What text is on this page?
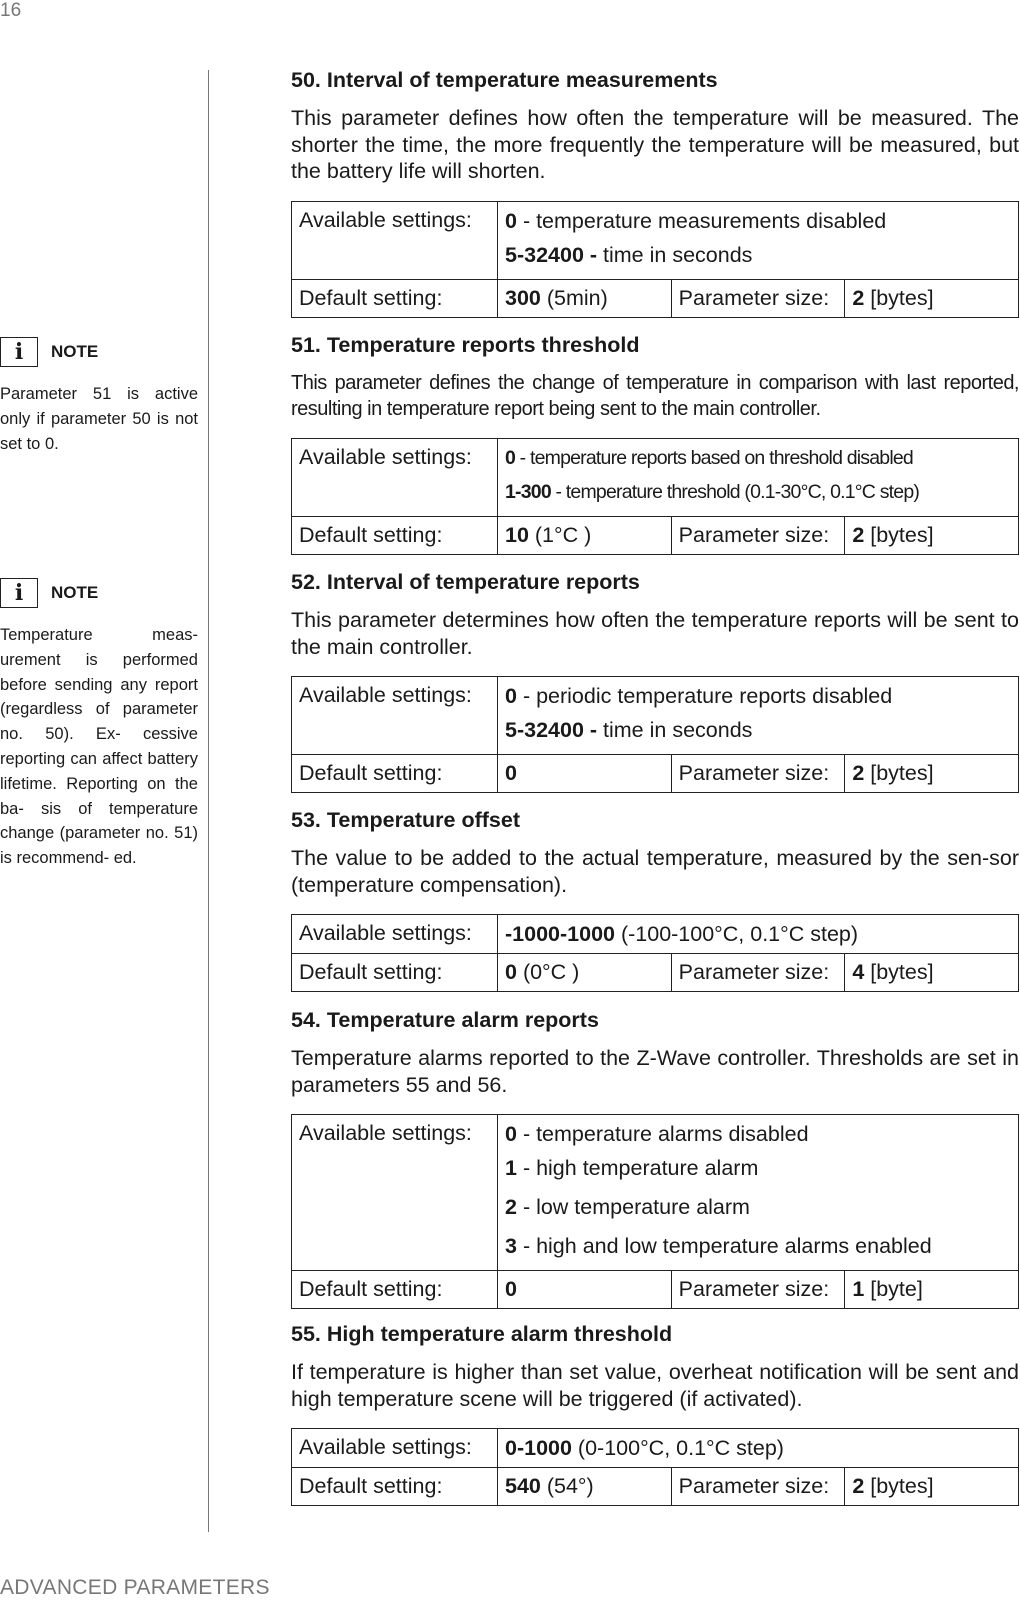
16
i	NOTE

Parameter 51 is active only if parameter 50 is not set to 0.

i	NOTE

Temperature meas- urement is performed before sending any report (regardless of parameter no. 50). Ex- cessive reporting can affect battery lifetime. Reporting on the ba- sis of temperature change (parameter no. 51) is recommend- ed.

50. Interval of temperature measurements

This parameter defines how often the temperature will be measured. The shorter the time, the more frequently the temperature will be measured, but the battery life will shorten.

Available settings:	0 - temperature measurements disabled
5-32400 - time in seconds		

Default setting:	300 (5min)	Parameter size:	2 [bytes]
51. Temperature reports threshold

This parameter defines the change of temperature in comparison with last reported, resulting in temperature report being sent to the main controller.

Available settings:	0 - temperature reports based on threshold disabled
1-300 - temperature threshold (0.1-30°C, 0.1°C step)		

Default setting:	10 (1°C )	Parameter size:	2 [bytes]
52. Interval of temperature reports

This parameter determines how often the temperature reports will be sent to the main controller.

Available settings:	0 - periodic temperature reports disabled
5-32400 - time in seconds		

Default setting:	0	Parameter size:	2 [bytes]
53. Temperature offset

The value to be added to the actual temperature, measured by the sen-sor (temperature compensation).

Available settings:	-1000-1000 (-100-100°C, 0.1°C step)		

Default setting:	0 (0°C )	Parameter size:	4 [bytes]
54. Temperature alarm reports

Temperature alarms reported to the Z-Wave controller. Thresholds are set in parameters 55 and 56.

Available settings:	0 - temperature alarms disabled
1 - high temperature alarm
2 - low temperature alarm
3 - high and low temperature alarms enabled		

Default setting:	0	Parameter size:	1 [byte]
55. High temperature alarm threshold

If temperature is higher than set value, overheat notification will be sent and high temperature scene will be triggered (if activated).

Available settings:	0-1000 (0-100°C, 0.1°C step)		

Default setting:	540 (54°)	Parameter size:	2 [bytes]
ADVANCED PARAMETERS
